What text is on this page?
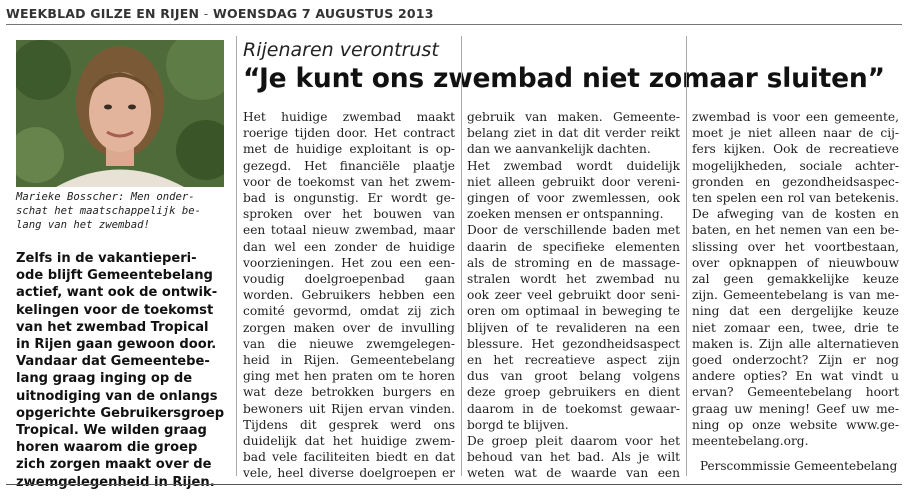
WEEKBLAD GILZE EN RIJEN - WOENSDAG 7 AUGUSTUS 2013
Marieke Bosscher: Men onder-
schat het maatschappelijk be-
lang van het zwembad!
Rijenaren verontrust
“Je kunt ons zwembad niet zomaar sluiten”
Zelfs in de vakantieperi-
ode blijft Gemeentebelang
actief, want ook de ontwik-
kelingen voor de toekomst
van het zwembad Tropical
in Rijen gaan gewoon door.
Vandaar dat Gemeentebe-
lang graag inging op de
uitnodiging van de onlangs
opgerichte Gebruikersgroep
Tropical. We wilden graag
horen waarom die groep
zich zorgen maakt over de
zwemgelegenheid in Rijen.
Het huidige zwembad maakt
roerige tijden door. Het contract
met de huidige exploitant is op-
gezegd. Het financiële plaatje
voor de toekomst van het zwem-
bad is ongunstig. Er wordt ge-
sproken over het bouwen van
een totaal nieuw zwembad, maar
dan wel een zonder de huidige
voorzieningen. Het zou een een-
voudig doelgroepenbad gaan
worden. Gebruikers hebben een
comité gevormd, omdat zij zich
zorgen maken over de invulling
van die nieuwe zwemgelegen-
heid in Rijen. Gemeentebelang
ging met hen praten om te horen
wat deze betrokken burgers en
bewoners uit Rijen ervan vinden.
Tijdens dit gesprek werd ons
duidelijk dat het huidige zwem-
bad vele faciliteiten biedt en dat
vele, heel diverse doelgroepen er
gebruik van maken. Gemeente-
belang ziet in dat dit verder reikt
dan we aanvankelijk dachten.
Het zwembad wordt duidelijk
niet alleen gebruikt door vereni-
gingen of voor zwemlessen, ook
zoeken mensen er ontspanning.
Door de verschillende baden met
daarin de specifieke elementen
als de stroming en de massage-
stralen wordt het zwembad nu
ook zeer veel gebruikt door seni-
oren om optimaal in beweging te
blijven of te revalideren na een
blessure. Het gezondheidsaspect
en het recreatieve aspect zijn
dus van groot belang volgens
deze groep gebruikers en dient
daarom in de toekomst gewaar-
borgd te blijven.
De groep pleit daarom voor het
behoud van het bad. Als je wilt
weten wat de waarde van een
zwembad is voor een gemeente,
moet je niet alleen naar de cij-
fers kijken. Ook de recreatieve
mogelijkheden, sociale achter-
gronden en gezondheidsaspec-
ten spelen een rol van betekenis.
De afweging van de kosten en
baten, en het nemen van een be-
slissing over het voortbestaan,
over opknappen of nieuwbouw
zal geen gemakkelijke keuze
zijn. Gemeentebelang is van me-
ning dat een dergelijke keuze
niet zomaar een, twee, drie te
maken is. Zijn alle alternatieven
goed onderzocht? Zijn er nog
andere opties? En wat vindt u
ervan? Gemeentebelang hoort
graag uw mening! Geef uw me-
ning op onze website www.ge-
meentebelang.org.
Perscommissie Gemeentebelang
